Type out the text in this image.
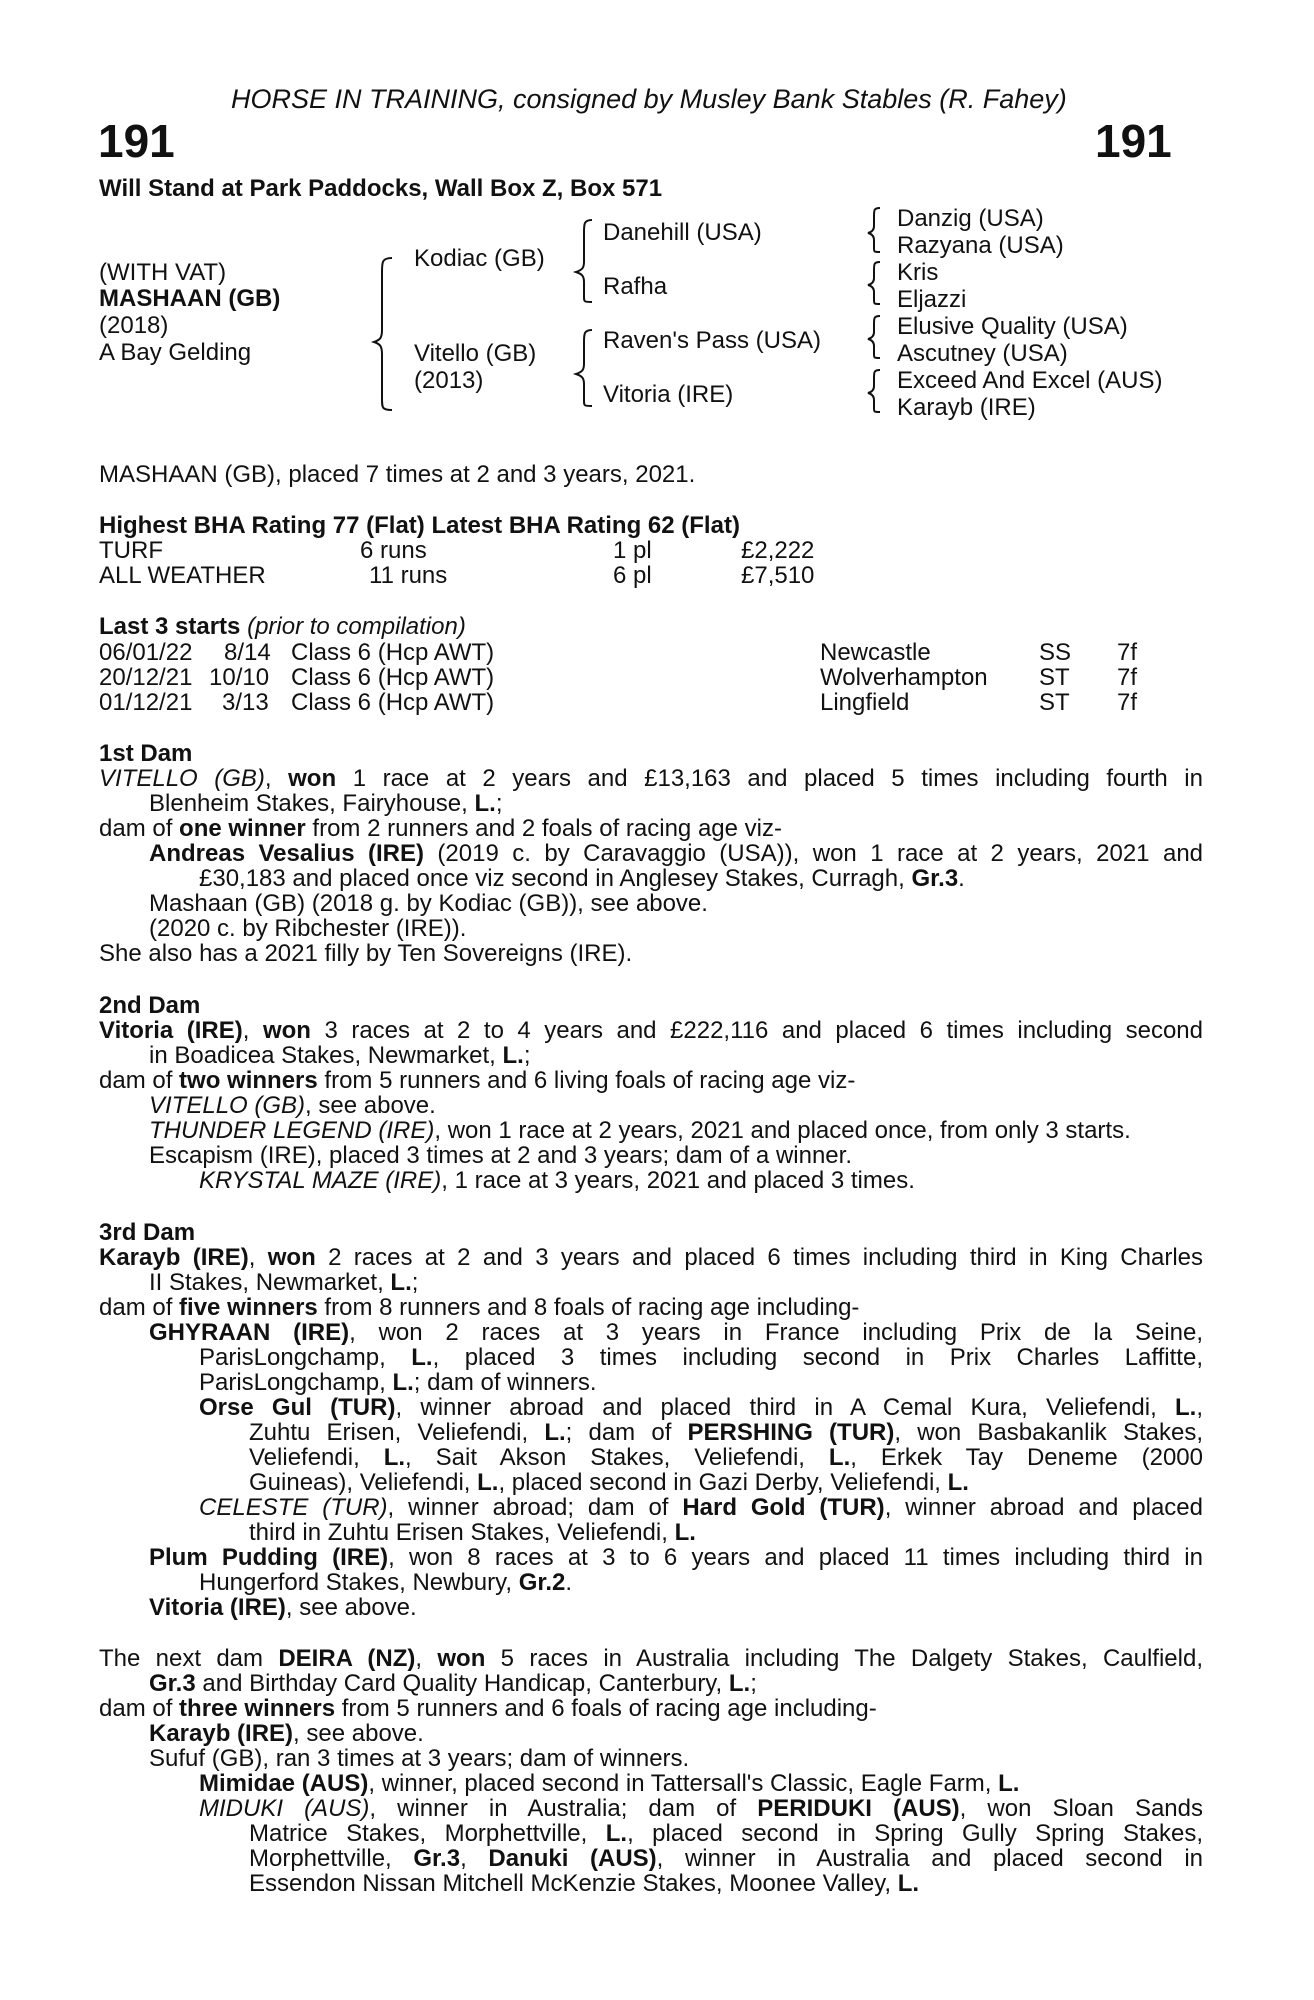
HORSE IN TRAINING, consigned by Musley Bank Stables (R. Fahey)
191	191
Will Stand at Park Paddocks, Wall Box Z, Box 571
(WITH VAT)
MASHAAN (GB)
(2018)
A Bay Gelding
Kodiac (GB)
Vitello (GB)
(2013)
Danehill (USA)
Rafha
Raven's Pass (USA)
Vitoria (IRE)
Danzig (USA)
Razyana (USA)
Kris
Eljazzi
Elusive Quality (USA)
Ascutney (USA)
Exceed And Excel (AUS)
Karayb (IRE)
MASHAAN (GB), placed 7 times at 2 and 3 years, 2021.
Highest BHA Rating 77 (Flat) Latest BHA Rating 62 (Flat)
TURF	6 runs	1 pl	£2,222
ALL WEATHER	11 runs	6 pl	£7,510
Last 3 starts (prior to compilation)
06/01/22 8/14 Class 6 (Hcp AWT)	Newcastle	SS 7f
20/12/21 10/10 Class 6 (Hcp AWT)	Wolverhampton ST 7f
01/12/21 3/13 Class 6 (Hcp AWT)	Lingfield	ST 7f
1st Dam
VITELLO (GB), won 1 race at 2 years and £13,163 and placed 5 times including fourth in
Blenheim Stakes, Fairyhouse, L.;
dam of one winner from 2 runners and 2 foals of racing age viz-
Andreas Vesalius (IRE) (2019 c. by Caravaggio (USA)), won 1 race at 2 years, 2021 and
£30,183 and placed once viz second in Anglesey Stakes, Curragh, Gr.3.
Mashaan (GB) (2018 g. by Kodiac (GB)), see above.
(2020 c. by Ribchester (IRE)).
She also has a 2021 filly by Ten Sovereigns (IRE).
2nd Dam
Vitoria (IRE), won 3 races at 2 to 4 years and £222,116 and placed 6 times including second
in Boadicea Stakes, Newmarket, L.;
dam of two winners from 5 runners and 6 living foals of racing age viz-
VITELLO (GB), see above.
THUNDER LEGEND (IRE), won 1 race at 2 years, 2021 and placed once, from only 3 starts.
Escapism (IRE), placed 3 times at 2 and 3 years; dam of a winner.
KRYSTAL MAZE (IRE), 1 race at 3 years, 2021 and placed 3 times.
3rd Dam
Karayb (IRE), won 2 races at 2 and 3 years and placed 6 times including third in King Charles
II Stakes, Newmarket, L.;
dam of five winners from 8 runners and 8 foals of racing age including-
GHYRAAN (IRE), won 2 races at 3 years in France including Prix de la Seine,
ParisLongchamp, L., placed 3 times including second in Prix Charles Laffitte,
ParisLongchamp, L.; dam of winners.
Orse Gul (TUR), winner abroad and placed third in A Cemal Kura, Veliefendi, L.,
Zuhtu Erisen, Veliefendi, L.; dam of PERSHING (TUR), won Basbakanlik Stakes,
Veliefendi, L., Sait Akson Stakes, Veliefendi, L., Erkek Tay Deneme (2000
Guineas), Veliefendi, L., placed second in Gazi Derby, Veliefendi, L.
CELESTE (TUR), winner abroad; dam of Hard Gold (TUR), winner abroad and placed
third in Zuhtu Erisen Stakes, Veliefendi, L.
Plum Pudding (IRE), won 8 races at 3 to 6 years and placed 11 times including third in
Hungerford Stakes, Newbury, Gr.2.
Vitoria (IRE), see above.
The next dam DEIRA (NZ), won 5 races in Australia including The Dalgety Stakes, Caulfield,
Gr.3 and Birthday Card Quality Handicap, Canterbury, L.;
dam of three winners from 5 runners and 6 foals of racing age including-
Karayb (IRE), see above.
Sufuf (GB), ran 3 times at 3 years; dam of winners.
Mimidae (AUS), winner, placed second in Tattersall's Classic, Eagle Farm, L.
MIDUKI (AUS), winner in Australia; dam of PERIDUKI (AUS), won Sloan Sands
Matrice Stakes, Morphettville, L., placed second in Spring Gully Spring Stakes,
Morphettville, Gr.3, Danuki (AUS), winner in Australia and placed second in
Essendon Nissan Mitchell McKenzie Stakes, Moonee Valley, L.
